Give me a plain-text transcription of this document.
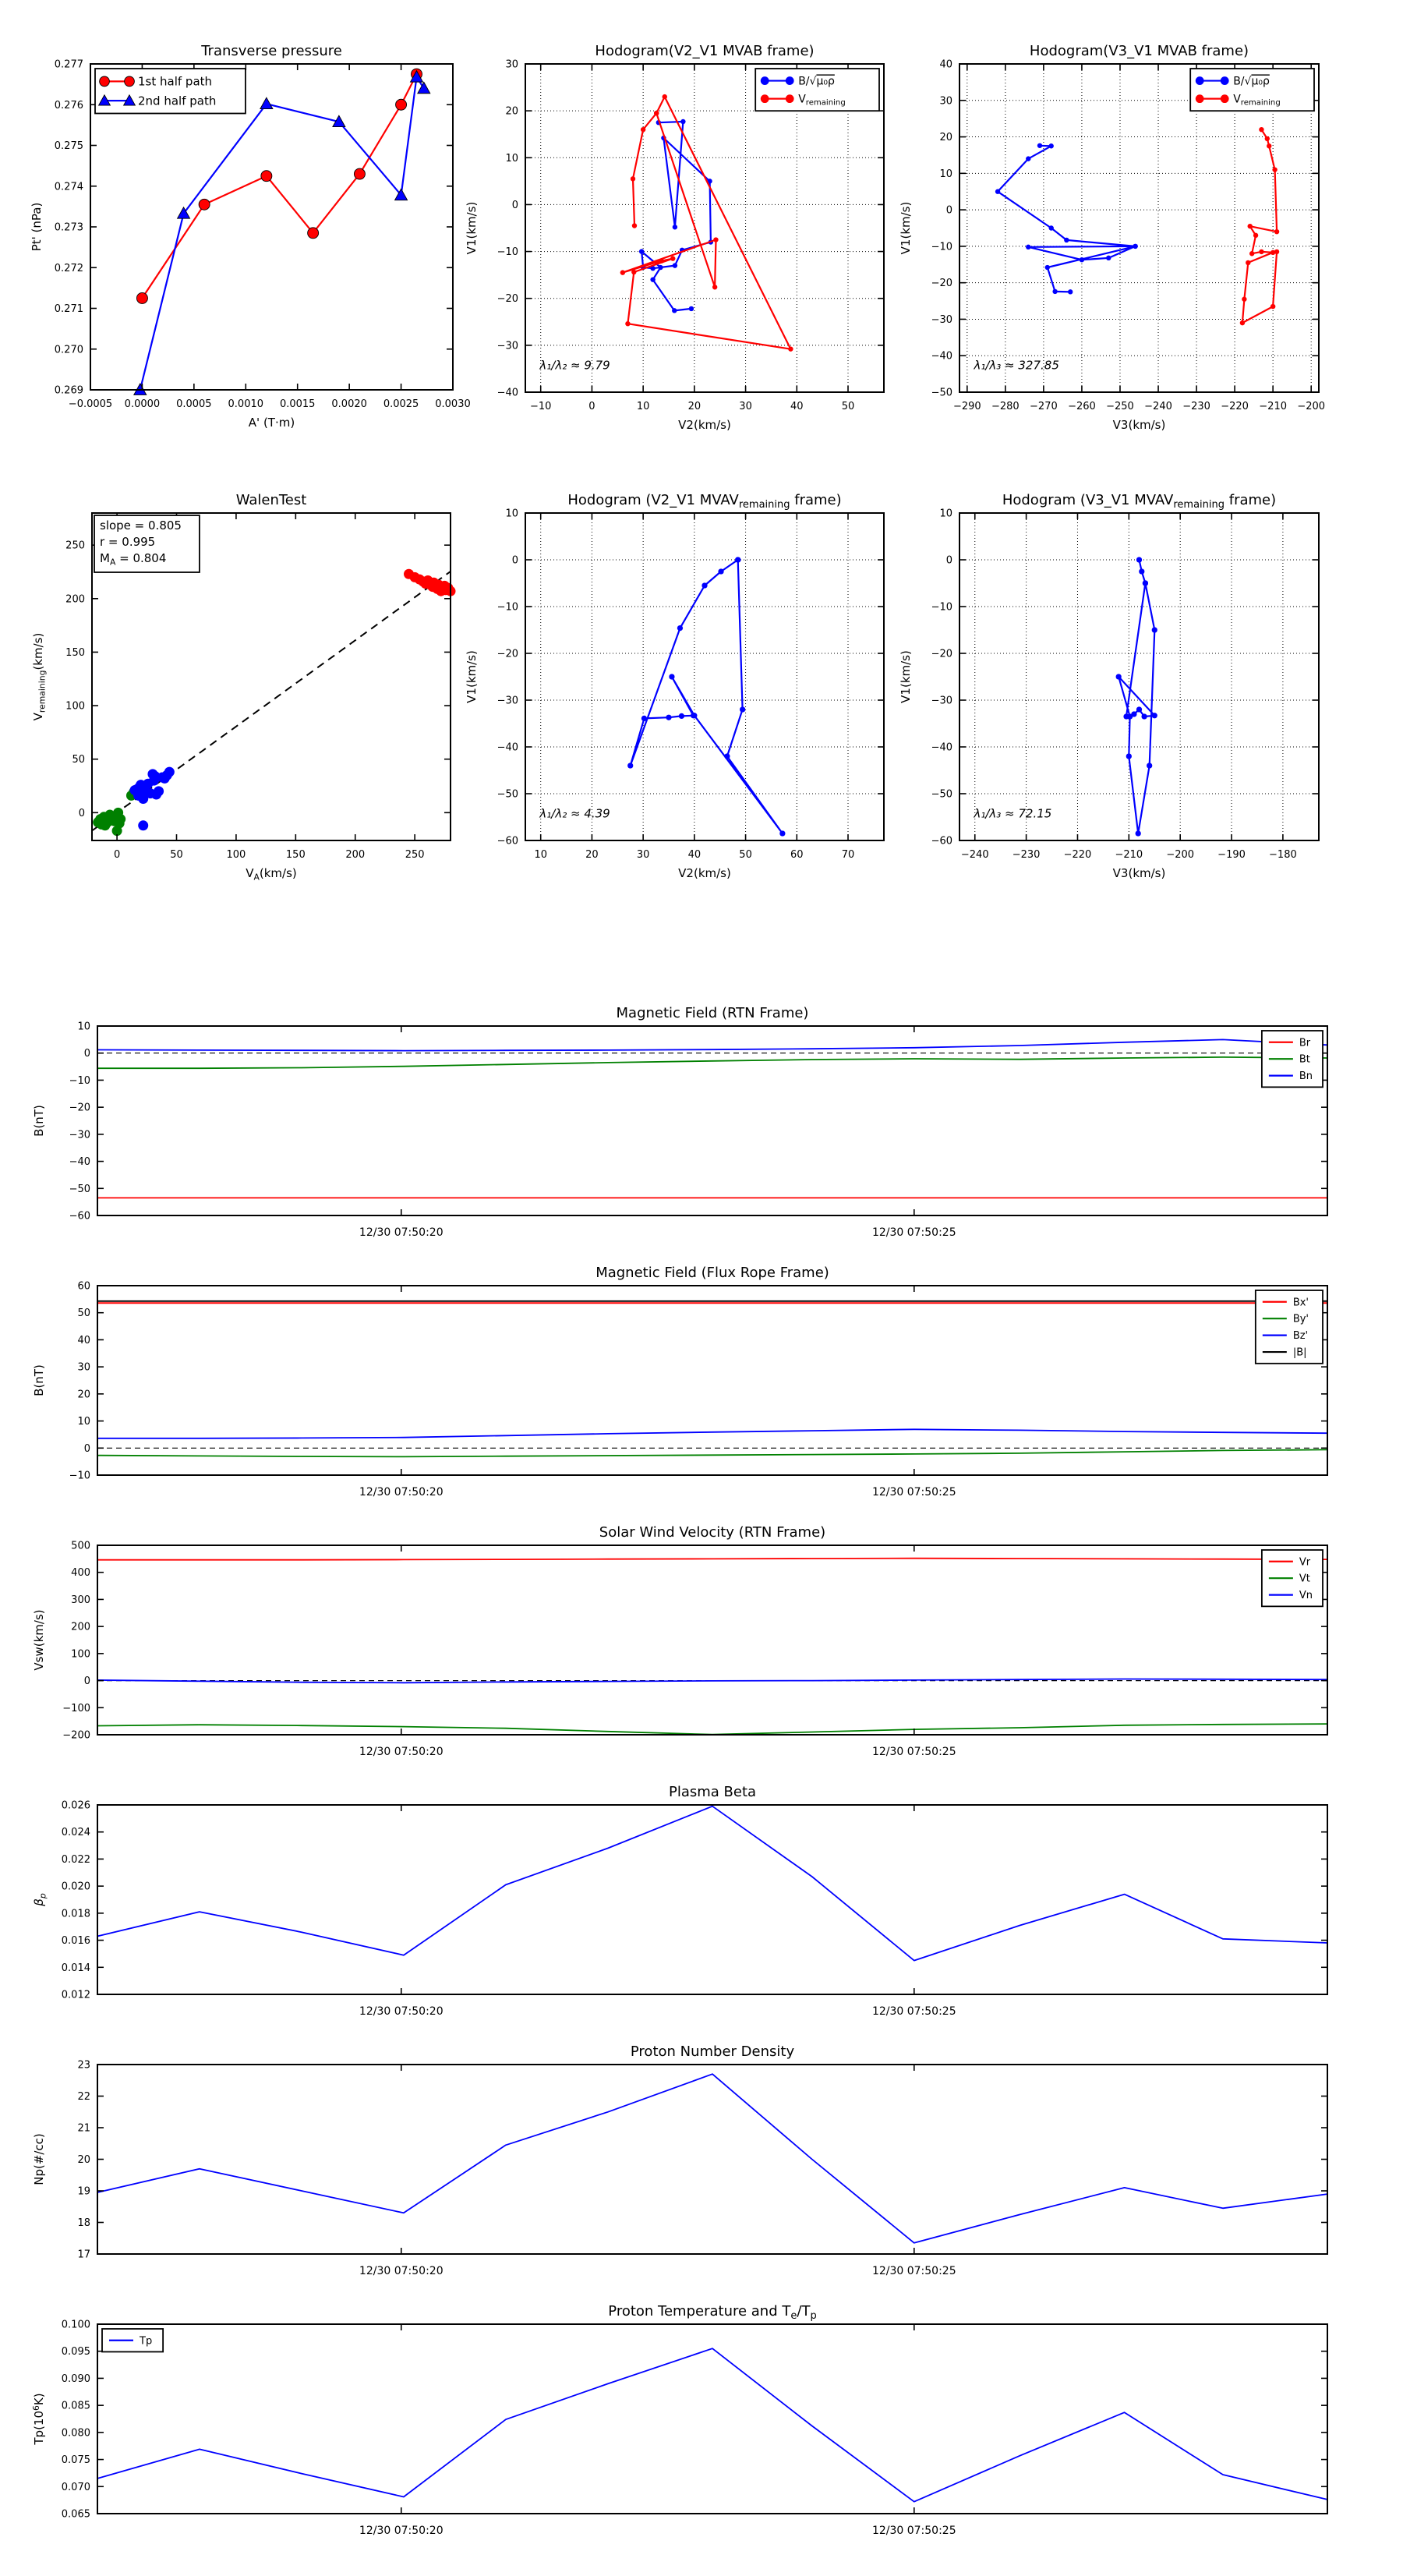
−0.0005 0.0000 0.0005 0.0010 0.0015 0.0020 0.0025 0.0030
0.269
0.270
0.271
0.272
0.273
0.274
0.275
0.276
0.277
Transverse pressure
A' (T·m)
Pt' (nPa)
1st half path
2nd half path
−10	0	10	20	30	40	50
−40
−30
−20
−10
0
10
20
30
Hodogram(V2_V1 MVAB frame)
V2(km/s)
V1(km/s)
B/√μ₀ρ
$V_{remaining}$
λ₁/λ₂ ≈ 9.79
−290 −280 −270 −260 −250 −240 −230 −220 −210 −200
−50
−40
−30
−20
−10
0
10
20
30
40
Hodogram(V3_V1 MVAB frame)
V3(km/s)
V1(km/s)
B/√μ₀ρ
$V_{remaining}$
λ₁/λ₃ ≈ 327.85
0	50	100	150	200	250
0
50
100
150
200
250
WalenTest
$V_A(km/s)$
$V_{remaining}(km/s)$
slope = 0.805
r = 0.995
$M_A = 0.804$
10	20	30	40	50	60	70
−60
−50
−40
−30
−20
−10
0
10
Hodogram (V2_V1 $MVAV_{remaining}$ frame)
V2(km/s)
V1(km/s)
λ₁/λ₂ ≈ 4.39
−240 −230 −220 −210 −200 −190 −180
−60
−50
−40
−30
−20
−10
0
10
Hodogram (V3_V1 $MVAV_{remaining}$ frame)
V3(km/s)
V1(km/s)
λ₁/λ₃ ≈ 72.15
12/30 07:50:20	12/30 07:50:25
10
0
−10
−20
−30
−40
−50
−60
Magnetic Field (RTN Frame)
B(nT)
Br
Bt
Bn
12/30 07:50:20	12/30 07:50:25
60
50
40
30
20
10
0
−10
Magnetic Field (Flux Rope Frame)
B(nT)
Bx'
By'
Bz'
|B|
12/30 07:50:20	12/30 07:50:25
500
400
300
200
100
0
−100
−200
Solar Wind Velocity (RTN Frame)
Vsw(km/s)
Vr
Vt
Vn
12/30 07:50:20	12/30 07:50:25
0.026
0.024
0.022
0.020
0.018
0.016
0.014
0.012
Plasma Beta
$\beta_p$
12/30 07:50:20	12/30 07:50:25
23
22
21
20
19
18
17
Proton Number Density
Np(#/cc)
12/30 07:50:20	12/30 07:50:25
0.100
0.095
0.090
0.085
0.080
0.075
0.070
0.065
Proton Temperature and $T_e/T_p$
$Tp(10^6K)$
Tp
